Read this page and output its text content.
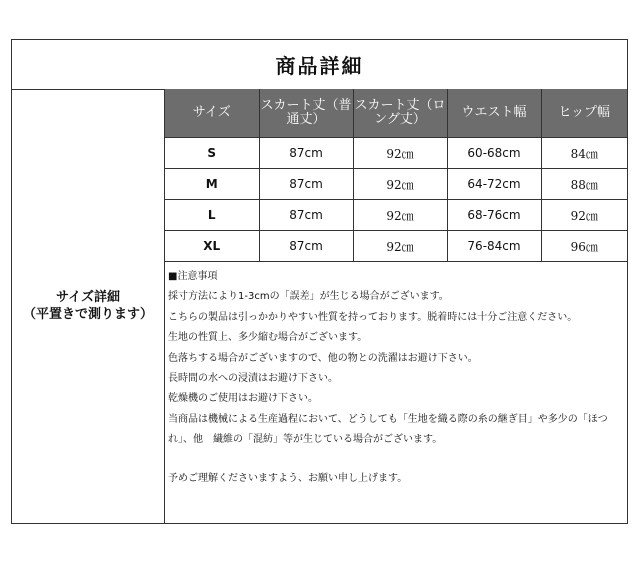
商品詳細
サイズ詳細
（平置きで測ります）
サイズ	スカート丈（普通丈）	スカート丈（ロング丈）	ウエスト幅	ヒップ幅
S	87cm	92㎝	60-68cm	84㎝
M	87cm	92㎝	64-72cm	88㎝
L	87cm	92㎝	68-76cm	92㎝
XL	87cm	92㎝	76-84cm	96㎝
■注意事項
採寸方法により1-3cmの「誤差」が生じる場合がございます。
こちらの製品は引っかかりやすい性質を持っております。脱着時には十分ご注意ください。
生地の性質上、多少縮む場合がございます。
色落ちする場合がございますので、他の物との洗濯はお避け下さい。
長時間の水への浸漬はお避け下さい。
乾燥機のご使用はお避け下さい。
当商品は機械による生産過程において、どうしても「生地を織る際の糸の継ぎ目」や多少の「ほつれ」、他　繊維の「混紡」等が生じている場合がございます。
予めご理解くださいますよう、お願い申し上げます。
